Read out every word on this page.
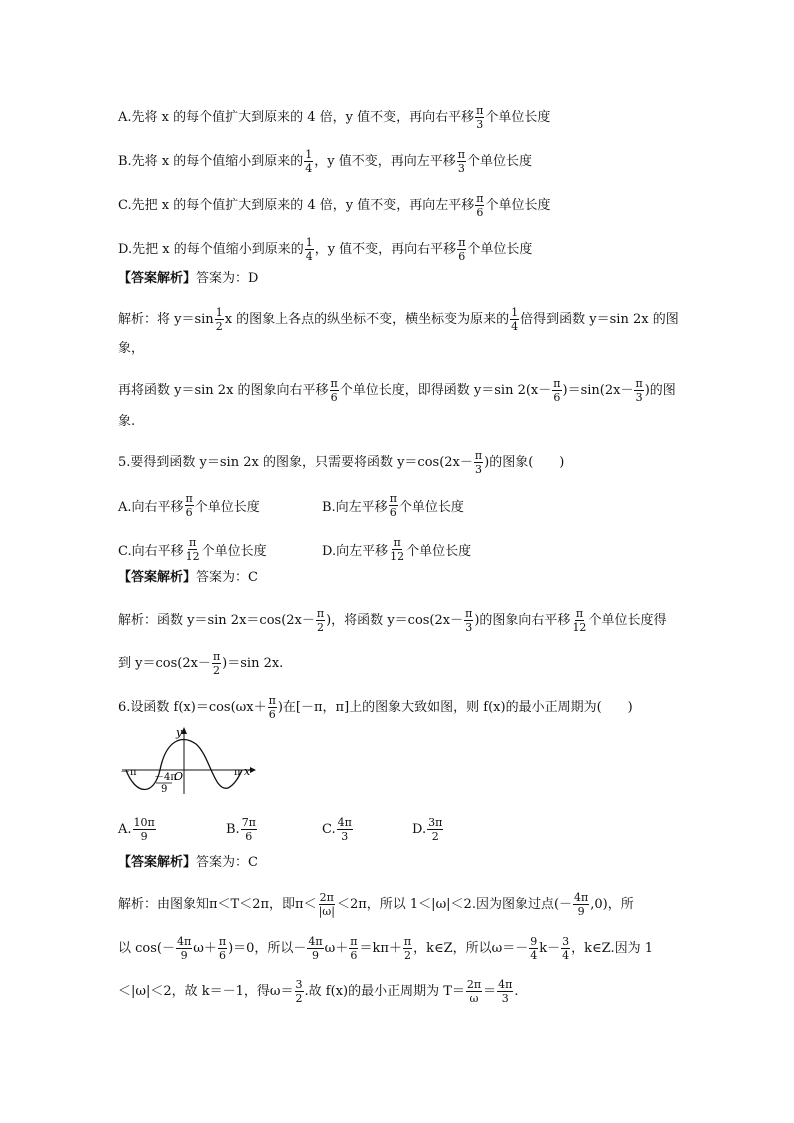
A.先将 x 的每个值扩大到原来的 4 倍，y 值不变，再向右平移 $\frac{\pi}{3}$ 个单位长度
B.先将 x 的每个值缩小到原来的 $\frac{1}{4}$ ，y 值不变，再向左平移 $\frac{\pi}{3}$ 个单位长度
C.先把 x 的每个值扩大到原来的 4 倍，y 值不变，再向左平移 $\frac{\pi}{6}$ 个单位长度
D.先把 x 的每个值缩小到原来的 $\frac{1}{4}$ ，y 值不变，再向右平移 $\frac{\pi}{6}$ 个单位长度
【答案解析】 答案为：D
解析：将 $y=\sin \frac{1}{2}$ x 的图象上各点的纵坐标不变，横坐标变为原来的 $\frac{1}{4}$ 倍得到函数 y＝sin 2x 的图
象，
再将函数 y＝sin 2x 的图象向右平移 $\frac{\pi}{6}$ 个单位长度，即得函数 y＝sin $2(x- \frac{\pi}{6} )=\sin(2x- \frac{\pi}{3}$ )的图
象.
5.要得到函数 y＝sin 2x 的图象，只需要将函数 $y=\cos(2x- \frac{\pi}{3}$ )的图象(　　)
A.向右平移 $\frac{\pi}{6}$ 个单位长度	B.向左平移 $\frac{\pi}{6}$ 个单位长度
C.向右平移 $\frac{\pi}{12}$ 个单位长度	D.向左平移 $\frac{\pi}{12}$ 个单位长度
【答案解析】 答案为：C
解析：函数 y＝sin $2x=\cos(2x- \frac{\pi}{2}$ )，将函数 $y=\cos(2x- \frac{\pi}{3}$ )的图象向右平移 $\frac{\pi}{12}$ 个单位长度得
到 $y=\cos(2x- \frac{\pi}{2} )=\sin$ 2x.
6.设函数 $f(x)=\cos(\omega x+ \frac{\pi}{6}$ )在[－π，π]上的图象大致如图，则 f(x)的最小正周期为(　　)
y
x
O
－π	π
－4π
9
A. $\frac{10\pi}{9}$	B. $\frac{7\pi}{6}$	C. $\frac{4\pi}{3}$	D. $\frac{3\pi}{2}$
【答案解析】 答案为：C
解析：由图象知π＜T＜2π，即$\pi< \frac{2\pi}{|\omega|} <2\pi$，所以 1＜|ω|＜2.因为图象过点(－ $\frac{4\pi}{9} ,0$)，所
以 $\cos(- \frac{4\pi}{9} \omega+ \frac{\pi}{6} )=0$，所以－ $\frac{4\pi}{9} \omega+ \frac{\pi}{6} =k\pi+ \frac{\pi}{2}$ ，k∈Z，所以$\omega=- \frac{9}{4} k- \frac{3}{4}$ ，k∈Z.因为 1
＜|ω|＜2，故 k＝－1，得$\omega= \frac{3}{2}$ .故 f(x)的最小正周期为 $T= \frac{2\pi}{\omega} = \frac{4\pi}{3}$ .
